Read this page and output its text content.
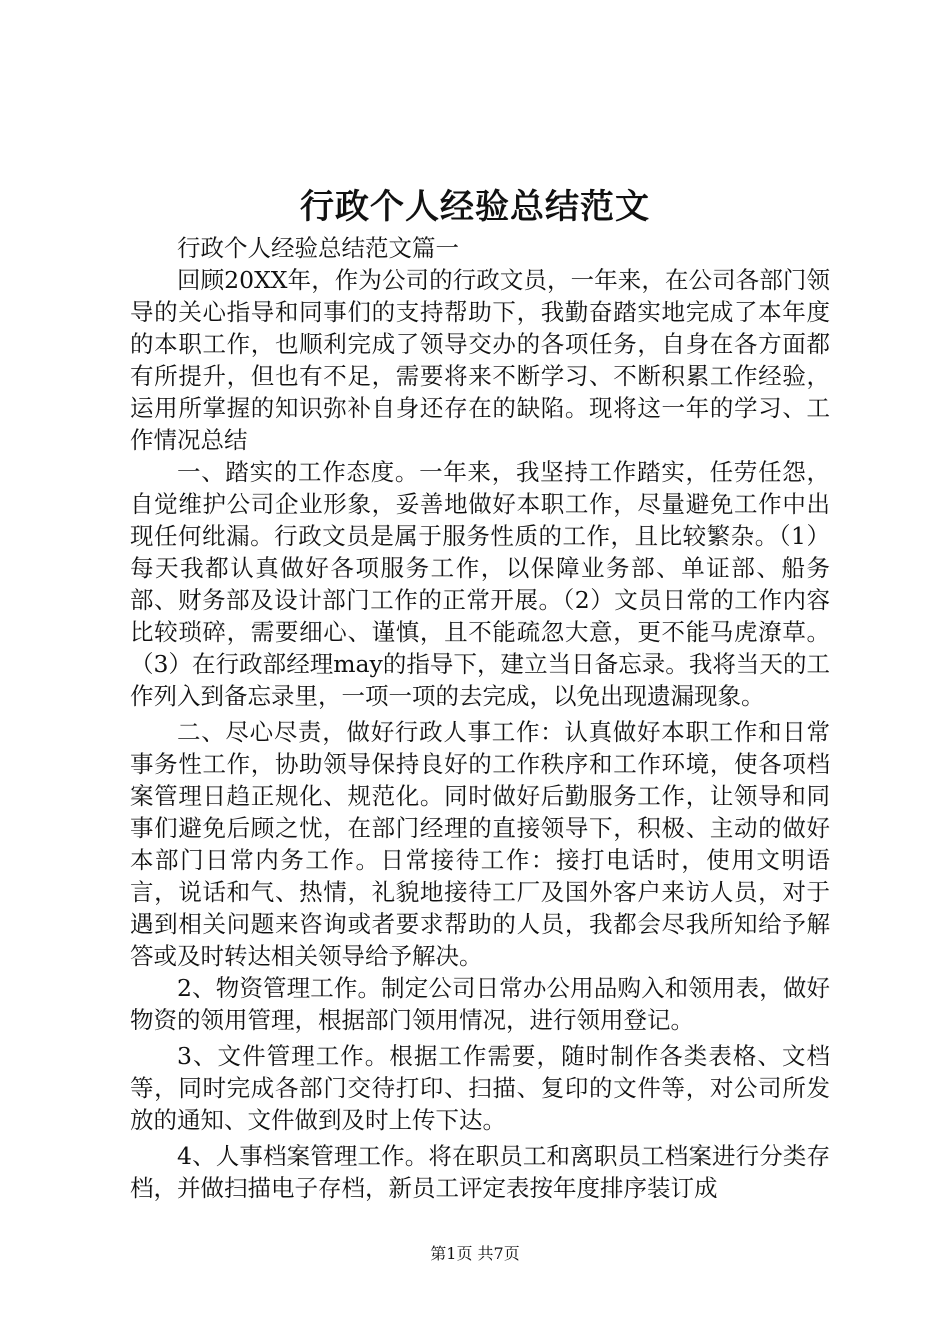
行政个人经验总结范文

行政个人经验总结范文篇一

回顾20XX年，作为公司的行政文员，一年来，在公司各部门领导的关心指导和同事们的支持帮助下，我勤奋踏实地完成了本年度的本职工作，也顺利完成了领导交办的各项任务，自身在各方面都有所提升，但也有不足，需要将来不断学习、不断积累工作经验，运用所掌握的知识弥补自身还存在的缺陷。现将这一年的学习、工作情况总结

一、踏实的工作态度。一年来，我坚持工作踏实，任劳任怨，自觉维护公司企业形象，妥善地做好本职工作，尽量避免工作中出现任何纰漏。行政文员是属于服务性质的工作，且比较繁杂。（1）每天我都认真做好各项服务工作，以保障业务部、单证部、船务部、财务部及设计部门工作的正常开展。（2）文员日常的工作内容比较琐碎，需要细心、谨慎，且不能疏忽大意，更不能马虎潦草。（3）在行政部经理may的指导下，建立当日备忘录。我将当天的工作列入到备忘录里，一项一项的去完成，以免出现遗漏现象。

二、尽心尽责，做好行政人事工作：认真做好本职工作和日常事务性工作，协助领导保持良好的工作秩序和工作环境，使各项档案管理日趋正规化、规范化。同时做好后勤服务工作，让领导和同事们避免后顾之忧，在部门经理的直接领导下，积极、主动的做好本部门日常内务工作。日常接待工作：接打电话时，使用文明语言，说话和气、热情，礼貌地接待工厂及国外客户来访人员，对于遇到相关问题来咨询或者要求帮助的人员，我都会尽我所知给予解答或及时转达相关领导给予解决。

2、物资管理工作。制定公司日常办公用品购入和领用表，做好物资的领用管理，根据部门领用情况，进行领用登记。

3、文件管理工作。根据工作需要，随时制作各类表格、文档等，同时完成各部门交待打印、扫描、复印的文件等，对公司所发放的通知、文件做到及时上传下达。

4、人事档案管理工作。将在职员工和离职员工档案进行分类存档，并做扫描电子存档，新员工评定表按年度排序装订成

第1页 共7页
